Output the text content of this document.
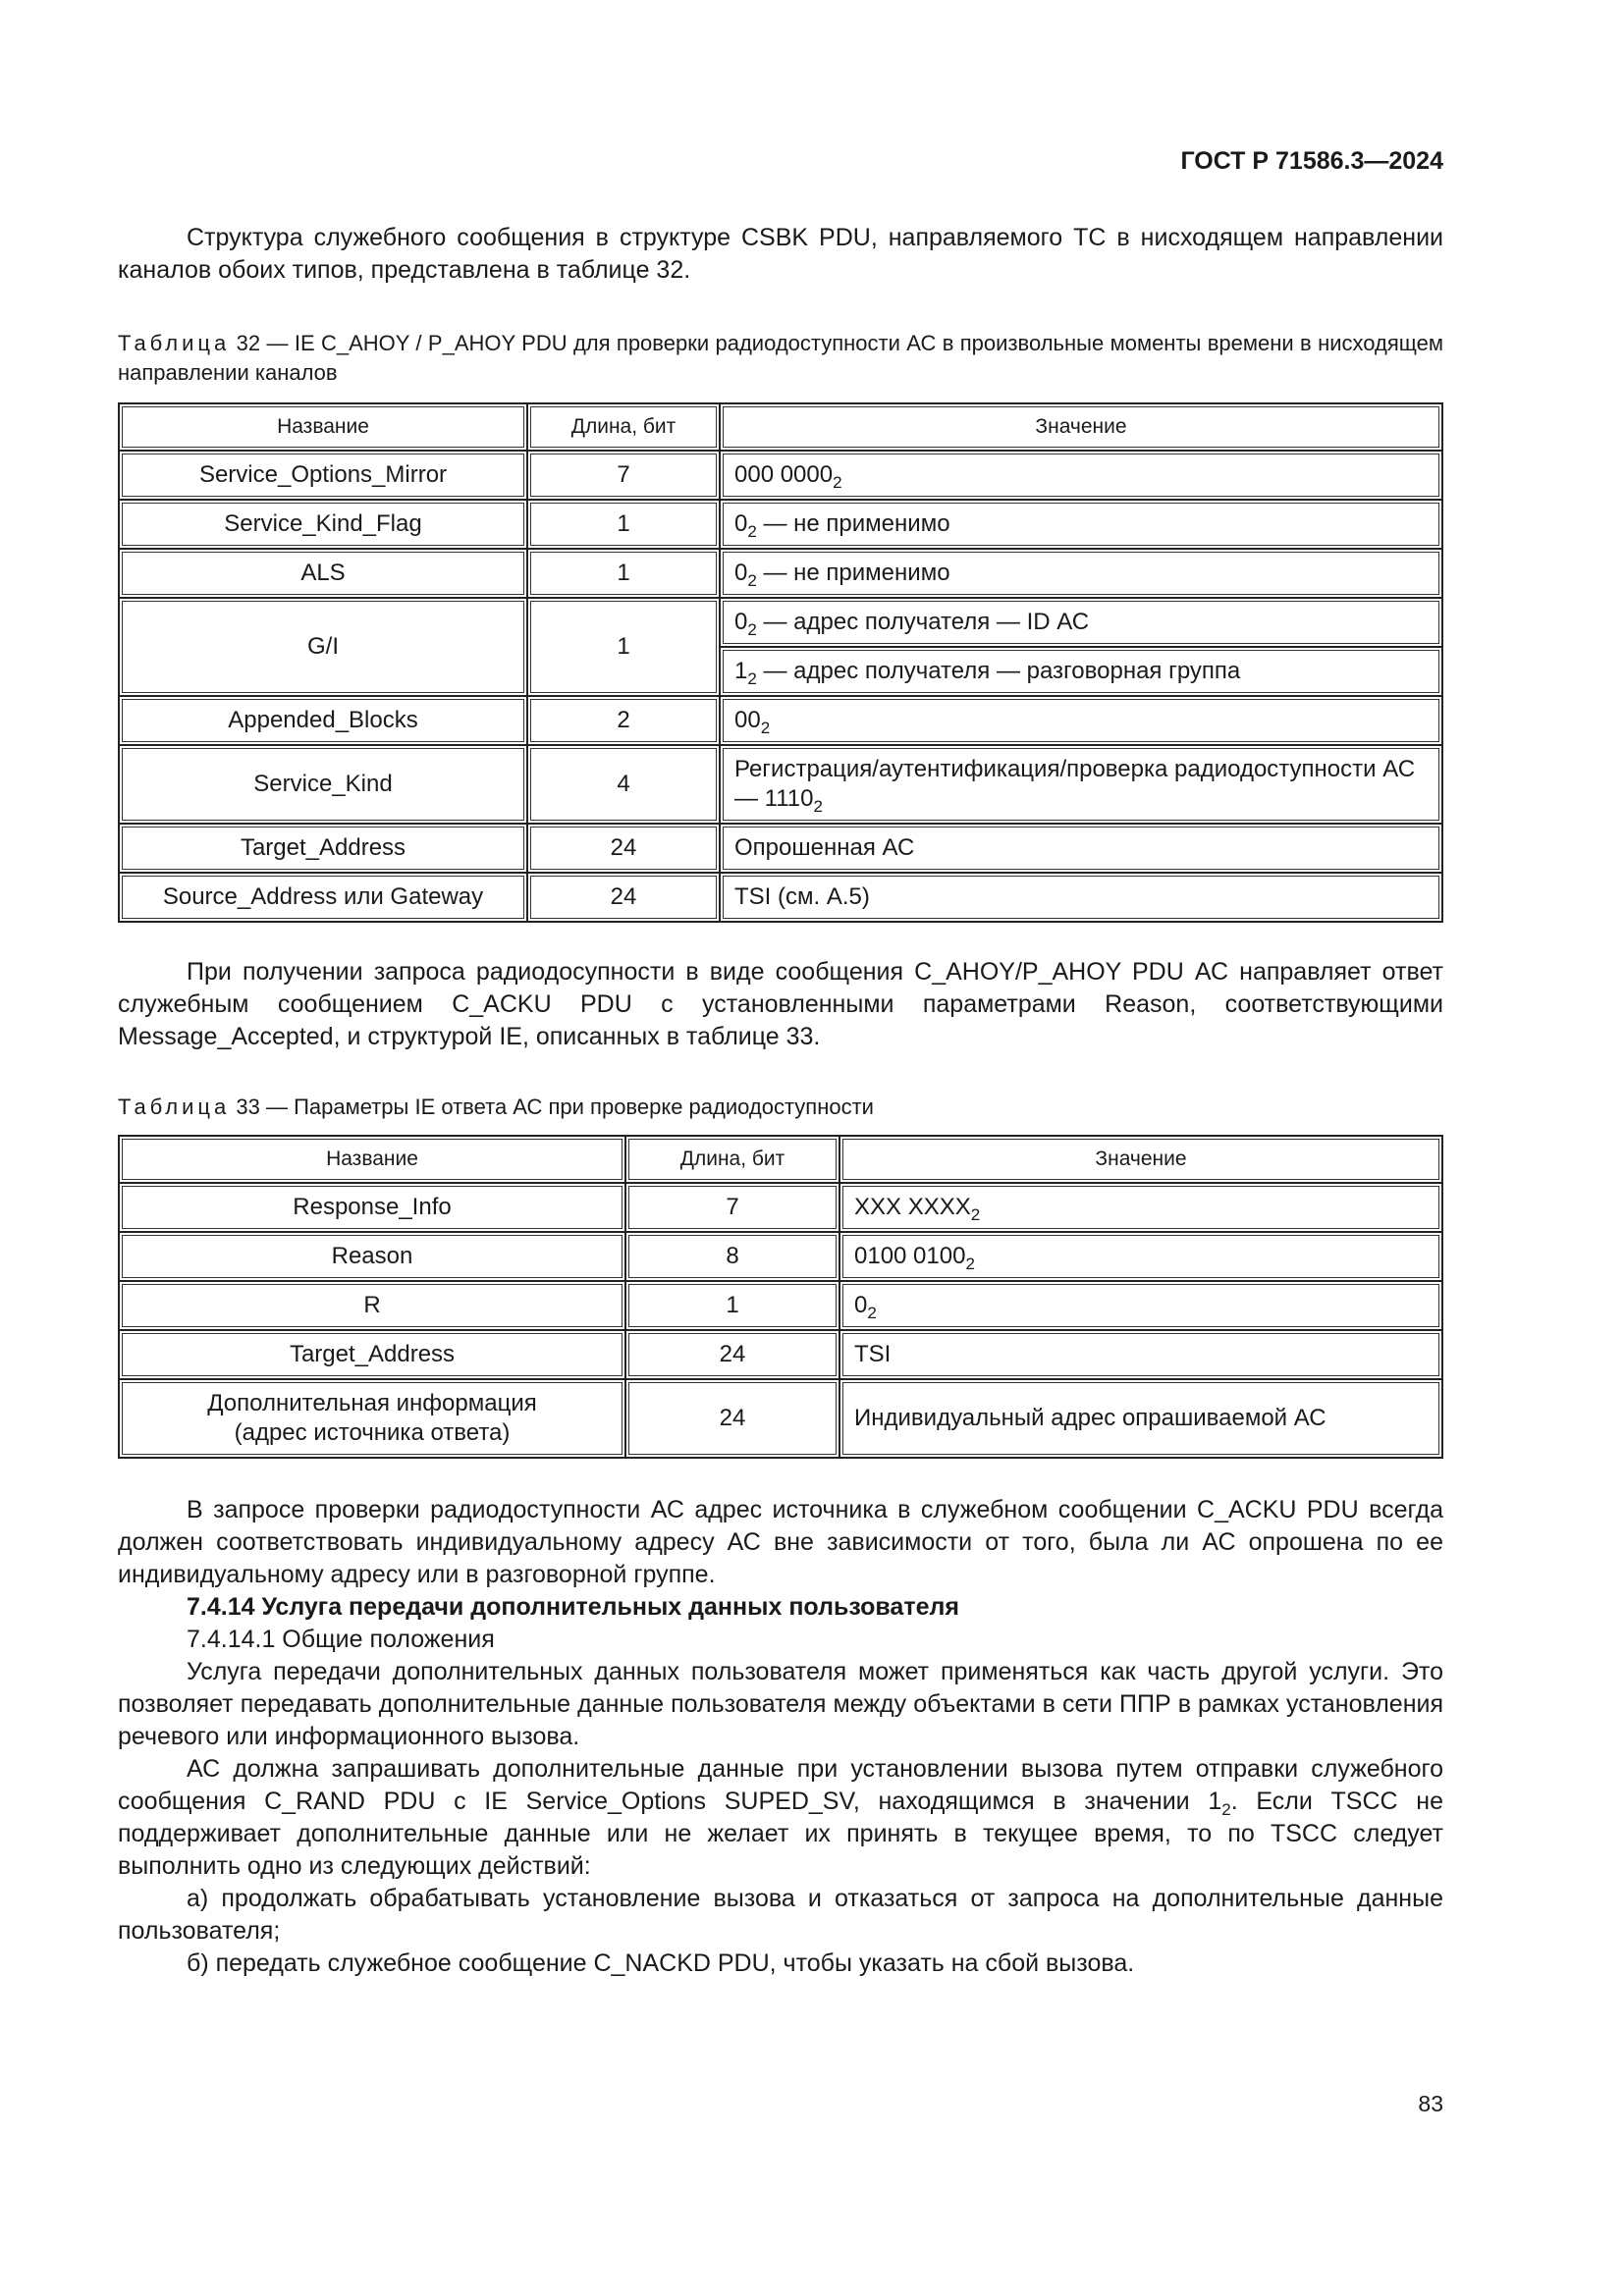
ГОСТ Р 71586.3—2024

Структура служебного сообщения в структуре CSBK PDU, направляемого ТС в нисходящем направлении каналов обоих типов, представлена в таблице 32.

Таблица 32 — IE C_AHOY / P_AHOY PDU для проверки радиодоступности АС в произвольные моменты времени в нисходящем направлении каналов

Название	Длина, бит	Значение
Service_Options_Mirror	7	000 $0000_2$
Service_Kind_Flag	1	$0_2$ — не применимо
ALS	1	$0_2$ — не применимо
G/I	1	$0_2$ — адрес получателя — ID АС
		$1_2$ — адрес получателя — разговорная группа
Appended_Blocks	2	$00_2$
Service_Kind	4	Регистрация/аутентификация/проверка радиодоступности АС — $1110_2$
Target_Address	24	Опрошенная АС
Source_Address или Gateway	24	TSI (см. А.5)

При получении запроса радиодосупности в виде сообщения C_AHOY/P_AHOY PDU АС направляет ответ служебным сообщением C_ACKU PDU с установленными параметрами Reason, соответствующими Message_Accepted, и структурой IE, описанных в таблице 33.

Таблица 33 — Параметры IE ответа АС при проверке радиодоступности

Название	Длина, бит	Значение
Response_Info	7	XXX $XXXX_2$
Reason	8	0100 $0100_2$
R	1	$0_2$
Target_Address	24	TSI
Дополнительная информация (адрес источника ответа)	24	Индивидуальный адрес опрашиваемой АС

В запросе проверки радиодоступности АС адрес источника в служебном сообщении C_ACKU PDU всегда должен соответствовать индивидуальному адресу АС вне зависимости от того, была ли АС опрошена по ее индивидуальному адресу или в разговорной группе.

7.4.14 Услуга передачи дополнительных данных пользователя

7.4.14.1 Общие положения

Услуга передачи дополнительных данных пользователя может применяться как часть другой услуги. Это позволяет передавать дополнительные данные пользователя между объектами в сети ППР в рамках установления речевого или информационного вызова.

АС должна запрашивать дополнительные данные при установлении вызова путем отправки служебного сообщения C_RAND PDU с IE Service_Options SUPED_SV, находящимся в значении $1_2$. Если TSCC не поддерживает дополнительные данные или не желает их принять в текущее время, то по TSCC следует выполнить одно из следующих действий:

а) продолжать обрабатывать установление вызова и отказаться от запроса на дополнительные данные пользователя;

б) передать служебное сообщение C_NACKD PDU, чтобы указать на сбой вызова.

83
